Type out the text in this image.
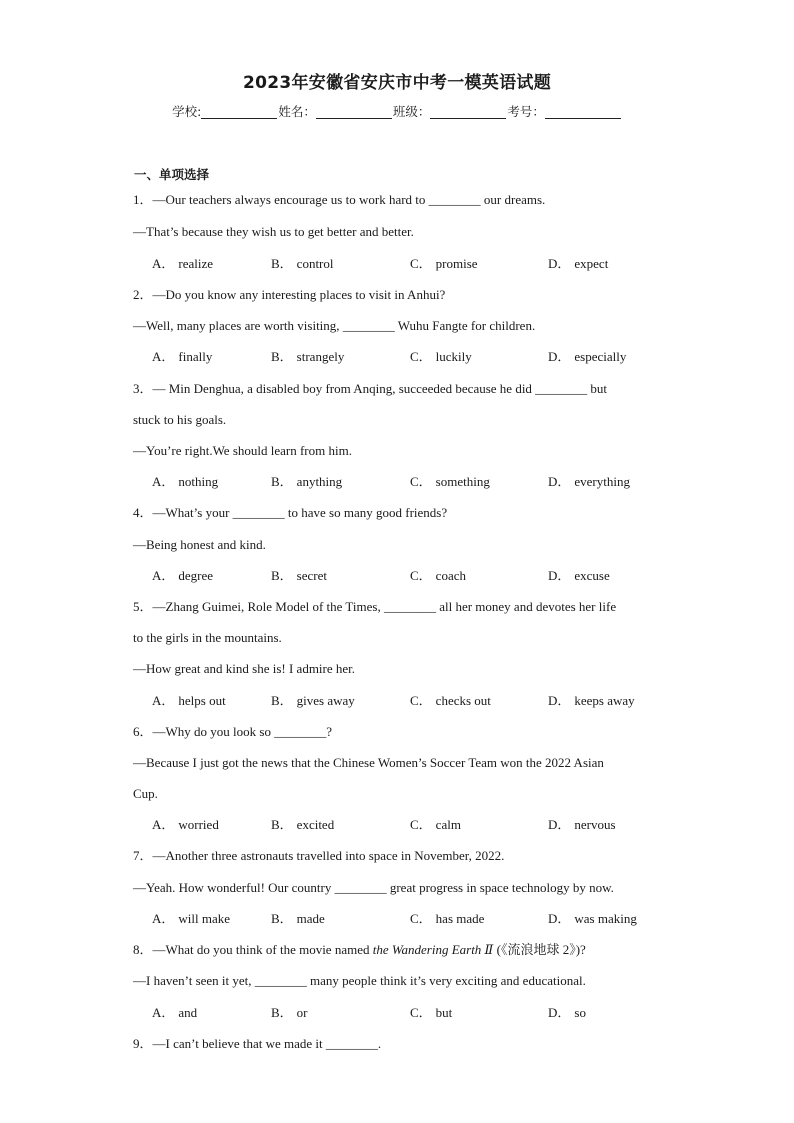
2023年安徽省安庆市中考一模英语试题
学校:	姓名：	班级：	考号：
一、单项选择
1．—Our teachers always encourage us to work hard to ________ our dreams.
—That’s because they wish us to get better and better.
A． realize	B． control	C． promise	D． expect
2．—Do you know any interesting places to visit in Anhui?
—Well, many places are worth visiting, ________ Wuhu Fangte for children.
A． finally	B． strangely	C． luckily	D． especially
3．— Min Denghua, a disabled boy from Anqing, succeeded because he did ________ but
stuck to his goals.
—You’re right.We should learn from him.
A． nothing	B． anything	C． something	D． everything
4．—What’s your ________ to have so many good friends?
—Being honest and kind.
A． degree	B． secret	C． coach	D． excuse
5．—Zhang Guimei, Role Model of the Times, ________ all her money and devotes her life
to the girls in the mountains.
—How great and kind she is! I admire her.
A． helps out	B． gives away	C． checks out	D． keeps away
6．—Why do you look so ________?
—Because I just got the news that the Chinese Women’s Soccer Team won the 2022 Asian
Cup.
A． worried	B． excited	C． calm	D． nervous
7．—Another three astronauts travelled into space in November, 2022.
—Yeah. How wonderful! Our country ________ great progress in space technology by now.
A． will make	B． made	C． has made	D． was making
8．—What do you think of the movie named the Wandering Earth Ⅱ (《流浪地球 2》)?
—I haven’t seen it yet, ________ many people think it’s very exciting and educational.
A． and	B． or	C． but	D． so
9．—I can’t believe that we made it ________.
